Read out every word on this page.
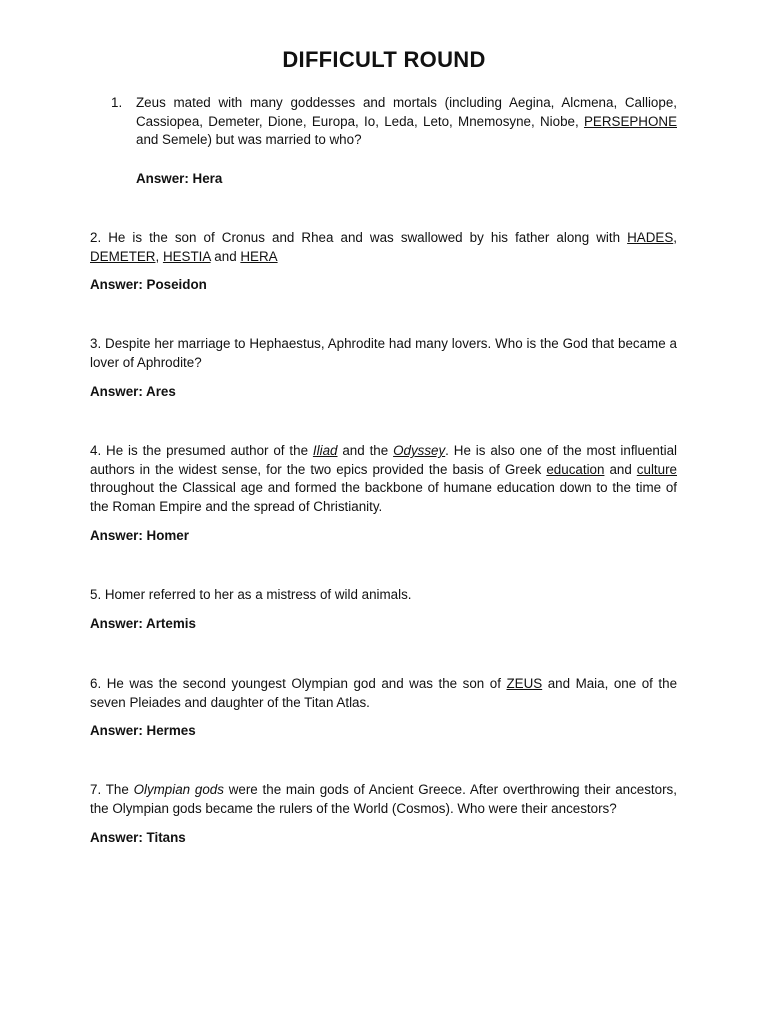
DIFFICULT ROUND
1. Zeus mated with many goddesses and mortals (including Aegina, Alcmena, Calliope, Cassiopea, Demeter, Dione, Europa, Io, Leda, Leto, Mnemosyne, Niobe, PERSEPHONE and Semele) but was married to who?
Answer: Hera
2. He is the son of Cronus and Rhea and was swallowed by his father along with HADES, DEMETER, HESTIA and HERA
Answer: Poseidon
3. Despite her marriage to Hephaestus, Aphrodite had many lovers. Who is the God that became a lover of Aphrodite?
Answer: Ares
4. He is the presumed author of the Iliad and the Odyssey. He is also one of the most influential authors in the widest sense, for the two epics provided the basis of Greek education and culture throughout the Classical age and formed the backbone of humane education down to the time of the Roman Empire and the spread of Christianity.
Answer: Homer
5. Homer referred to her as a mistress of wild animals.
Answer: Artemis
6. He was the second youngest Olympian god and was the son of ZEUS and Maia, one of the seven Pleiades and daughter of the Titan Atlas.
Answer: Hermes
7. The Olympian gods were the main gods of Ancient Greece. After overthrowing their ancestors, the Olympian gods became the rulers of the World (Cosmos). Who were their ancestors?
Answer: Titans
